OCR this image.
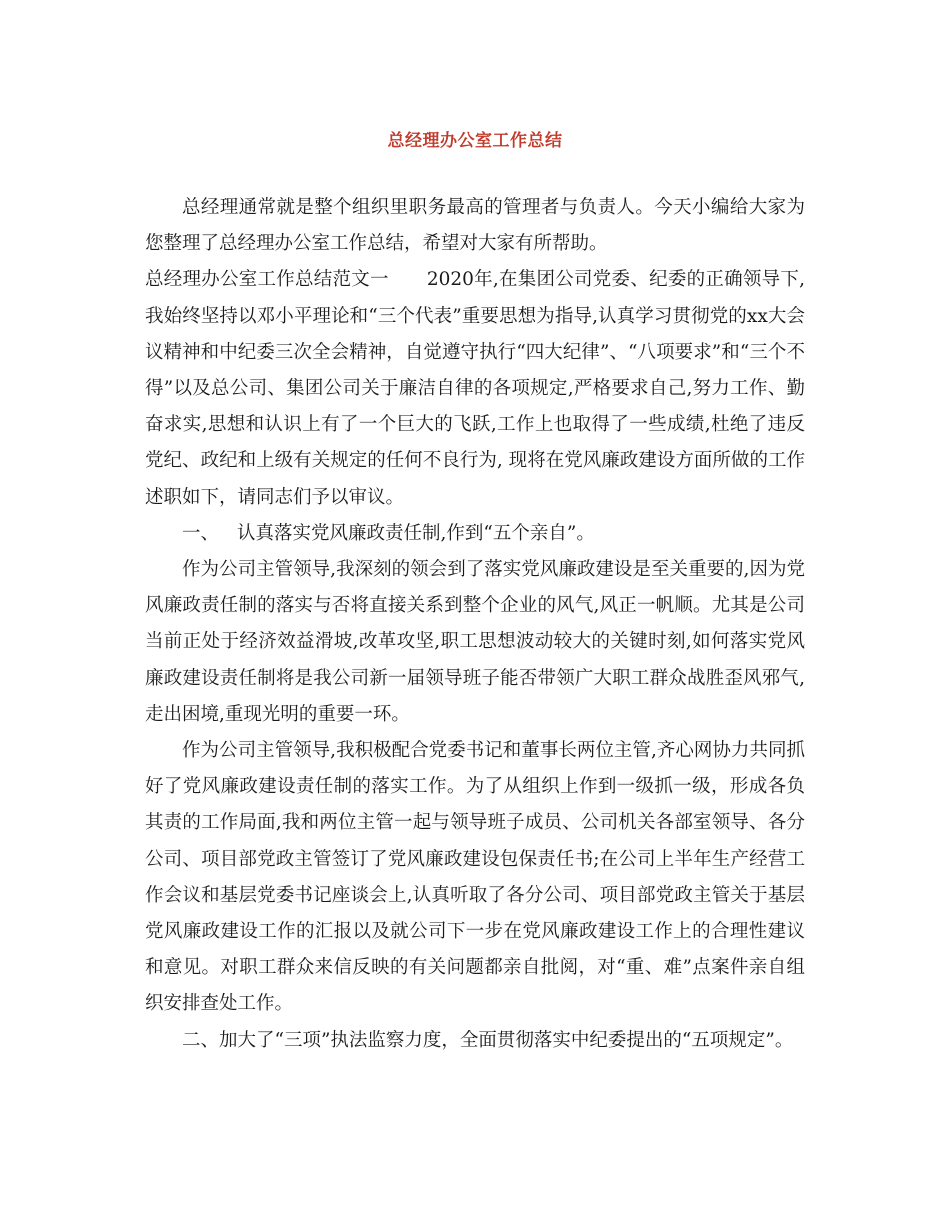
总经理办公室工作总结

总经理通常就是整个组织里职务最高的管理者与负责人。今天小编给大家为您整理了总经理办公室工作总结，希望对大家有所帮助。

总经理办公室工作总结范文一 2020年,在集团公司党委、纪委的正确领导下,我始终坚持以邓小平理论和“三个代表”重要思想为指导,认真学习贯彻党的xx大会议精神和中纪委三次全会精神，自觉遵守执行“四大纪律”、“八项要求”和“三个不得”以及总公司、集团公司关于廉洁自律的各项规定,严格要求自己,努力工作、勤奋求实,思想和认识上有了一个巨大的飞跃,工作上也取得了一些成绩,杜绝了违反党纪、政纪和上级有关规定的任何不良行为, 现将在党风廉政建设方面所做的工作述职如下，请同志们予以审议。

一、 认真落实党风廉政责任制,作到“五个亲自”。

作为公司主管领导,我深刻的领会到了落实党风廉政建设是至关重要的,因为党风廉政责任制的落实与否将直接关系到整个企业的风气,风正一帆顺。尤其是公司当前正处于经济效益滑坡,改革攻坚,职工思想波动较大的关键时刻,如何落实党风廉政建设责任制将是我公司新一届领导班子能否带领广大职工群众战胜歪风邪气,走出困境,重现光明的重要一环。

作为公司主管领导,我积极配合党委书记和董事长两位主管,齐心网协力共同抓好了党风廉政建设责任制的落实工作。为了从组织上作到一级抓一级，形成各负其责的工作局面,我和两位主管一起与领导班子成员、公司机关各部室领导、各分公司、项目部党政主管签订了党风廉政建设包保责任书;在公司上半年生产经营工作会议和基层党委书记座谈会上,认真听取了各分公司、项目部党政主管关于基层党风廉政建设工作的汇报以及就公司下一步在党风廉政建设工作上的合理性建议和意见。对职工群众来信反映的有关问题都亲自批阅，对“重、难”点案件亲自组织安排查处工作。

二、加大了“三项”执法监察力度，全面贯彻落实中纪委提出的“五项规定”。
